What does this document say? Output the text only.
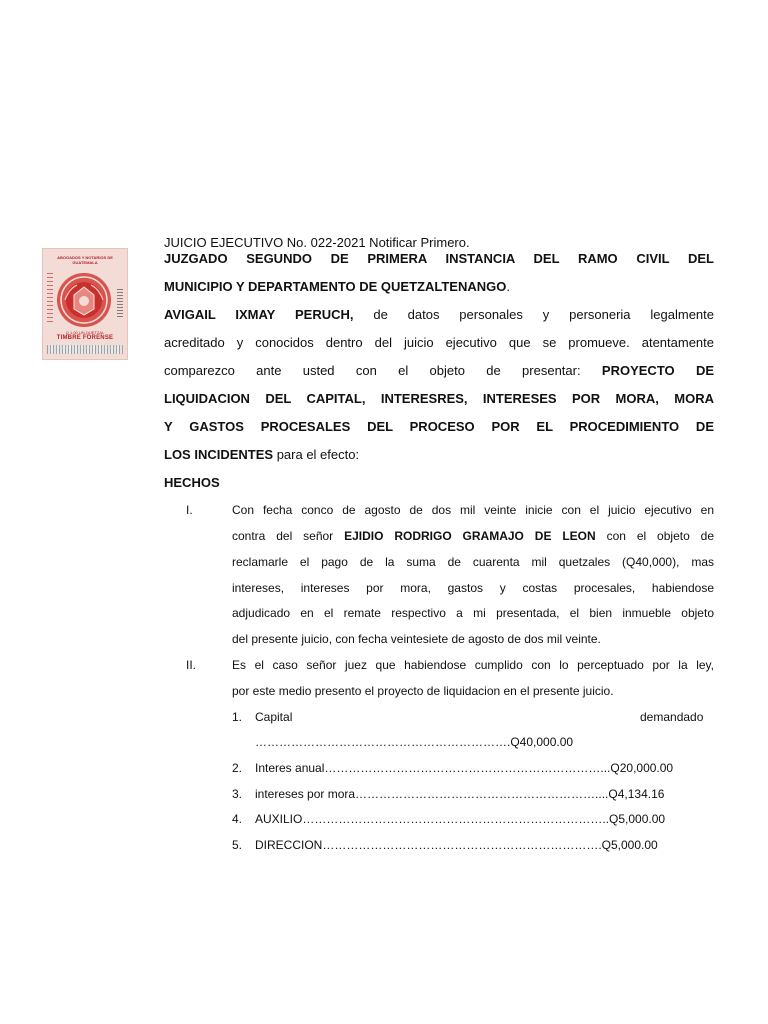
ABOGADOS Y NOTARIOS DE GUATEMALA
Q 1.00 UN QUETZAL
TIMBRE FORENSE
JUICIO EJECUTIVO No. 022-2021 Notificar Primero.
JUZGADO SEGUNDO DE PRIMERA INSTANCIA DEL RAMO CIVIL DEL
MUNICIPIO Y DEPARTAMENTO DE QUETZALTENANGO.
AVIGAIL IXMAY PERUCH, de datos personales y personeria legalmente
acreditado y conocidos dentro del juicio ejecutivo que se promueve. atentamente
comparezco ante usted con el objeto de presentar: PROYECTO DE
LIQUIDACION DEL CAPITAL, INTERESRES, INTERESES POR MORA, MORA
Y GASTOS PROCESALES DEL PROCESO POR EL PROCEDIMIENTO DE
LOS INCIDENTES para el efecto:
HECHOS
I.	Con fecha conco de agosto de dos mil veinte inicie con el juicio ejecutivo en
contra del señor EJIDIO RODRIGO GRAMAJO DE LEON con el objeto de
reclamarle el pago de la suma de cuarenta mil quetzales (Q40,000), mas
intereses, intereses por mora, gastos y costas procesales, habiendose
adjudicado en el remate respectivo a mi presentada, el bien inmueble objeto
del presente juicio, con fecha veintesiete de agosto de dos mil veinte.
II.	Es el caso señor juez que habiendose cumplido con lo perceptuado por la ley,
por este medio presento el proyecto de liquidacion en el presente juicio.
1. Capital	demandado
……………………………………………………….Q40,000.00
2. Interes anual……………………………………………………………...Q20,000.00
3. intereses por mora……………………………………………………....Q4,134.16
4. AUXILIO…………………………………………………………………..Q5,000.00
5. DIRECCION…………………………………………………………….Q5,000.00
